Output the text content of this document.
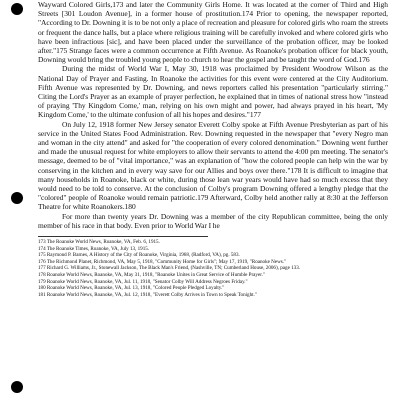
Wayward Colored Girls,173 and later the Community Girls Home. It was located at the corner of Third and High Streets [301 Loudon Avenue], in a former house of prostitution.174 Prior to opening, the newspaper reported, "According to Dr. Downing it is to be not only a place of recreation and pleasure for colored girls who roam the streets or frequent the dance halls, but a place where religious training will be carefully invoked and where colored girls who have been infractious [sic], and have been placed under the surveillance of the probation officer, may be looked after."175 Strange faces were a common occurrence at Fifth Avenue. As Roanoke's probation officer for black youth, Downing would bring the troubled young people to church to hear the gospel and be taught the word of God.176

During the midst of World War I, May 30, 1918 was proclaimed by President Woodrow Wilson as the National Day of Prayer and Fasting. In Roanoke the activities for this event were centered at the City Auditorium. Fifth Avenue was represented by Dr. Downing, and news reporters called his presentation "particularly stirring." Citing the Lord's Prayer as an example of prayer perfection, he explained that in times of national stress how "instead of praying 'Thy Kingdom Come,' man, relying on his own might and power, had always prayed in his heart, 'My Kingdom Come,' to the ultimate confusion of all his hopes and desires."177

On July 12, 1918 former New Jersey senator Everett Colby spoke at Fifth Avenue Presbyterian as part of his service in the United States Food Administration. Rev. Downing requested in the newspaper that "every Negro man and woman in the city attend" and asked for "the cooperation of every colored denomination." Downing went further and made the unusual request for white employers to allow their servants to attend the 4:00 pm meeting. The senator's message, deemed to be of "vital importance," was an explanation of "how the colored people can help win the war by conserving in the kitchen and in every way save for our Allies and boys over there."178 It is difficult to imagine that many households in Roanoke, black or white, during those lean war years would have had so much excess that they would need to be told to conserve. At the conclusion of Colby's program Downing offered a lengthy pledge that the "colored" people of Roanoke would remain patriotic.179 Afterward, Colby held another rally at 8:30 at the Jefferson Theatre for white Roanokers.180

For more than twenty years Dr. Downing was a member of the city Republican committee, being the only member of his race in that body. Even prior to World War I he

173 The Roanoke World News, Roanoke, VA, Feb. 6, 1915.

174 The Roanoke Times, Roanoke, VA, July 13, 1915.

175 Raymond P. Barnes, A History of the City of Roanoke, Virginia, 1968, (Radford, VA), pg. 583.

176 The Richmond Planet, Richmond, VA, May 5, 1918, "Community Home for Girls"; May 17, 1919, "Roanoke News."

177 Richard G. Williams, Jr., Stonewall Jackson, The Black Man's Friend, (Nashville, TN; Cumberland House, 2006), page 133.

178 Roanoke World News, Roanoke, VA, May 31, 1918, "Roanoke Unites in Great Service of Humble Prayer."

179 Roanoke World News, Roanoke, VA, Jul. 11, 1918, "Senator Colby Will Address Negroes Friday."

180 Roanoke World News, Roanoke, VA, Jul. 13, 1918, "Colored People Pledged Loyalty."

181 Roanoke World News, Roanoke, VA, Jul. 12, 1918, "Everett Colby Arrives in Town to Speak Tonight."
